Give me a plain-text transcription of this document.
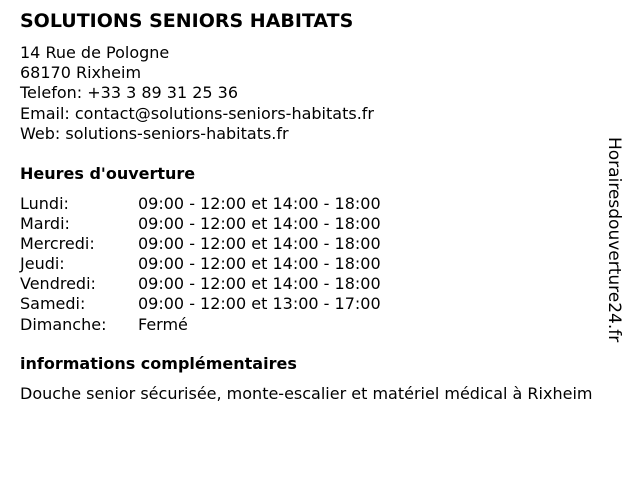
SOLUTIONS SENIORS HABITATS
14 Rue de Pologne
68170 Rixheim
Telefon: +33 3 89 31 25 36
Email: contact@solutions-seniors-habitats.fr
Web: solutions-seniors-habitats.fr
Heures d'ouverture
Lundi:	09:00 - 12:00 et 14:00 - 18:00
Mardi:	09:00 - 12:00 et 14:00 - 18:00
Mercredi:	09:00 - 12:00 et 14:00 - 18:00
Jeudi:	09:00 - 12:00 et 14:00 - 18:00
Vendredi:	09:00 - 12:00 et 14:00 - 18:00
Samedi:	09:00 - 12:00 et 13:00 - 17:00
Dimanche: Fermé
informations complémentaires
Douche senior sécurisée, monte-escalier et matériel médical à Rixheim
Horairesdouverture24.fr
